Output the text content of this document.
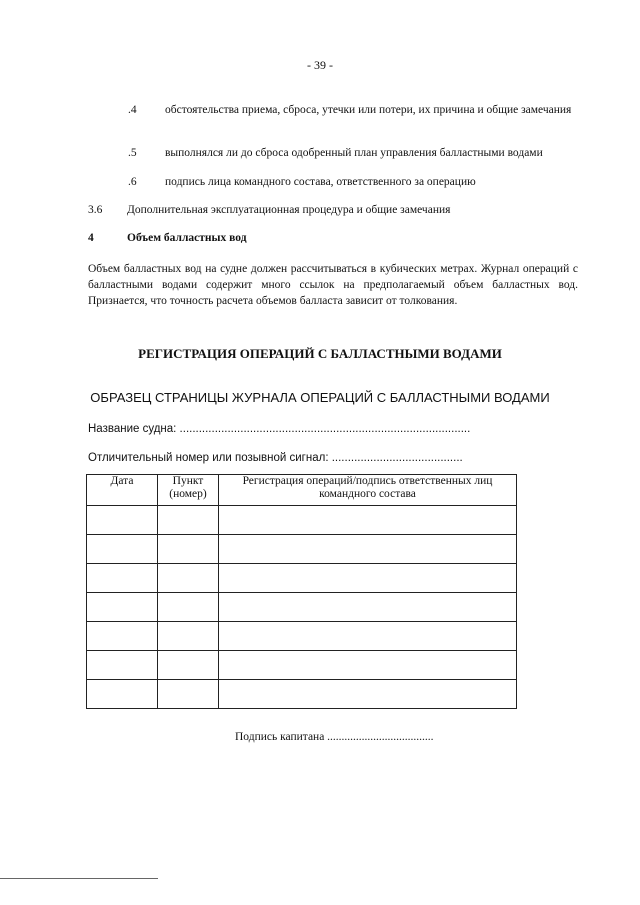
- 39 -
.4 обстоятельства приема, сброса, утечки или потери, их причина и общие замечания
.5 выполнялся ли до сброса одобренный план управления балластными водами
.6 подпись лица командного состава, ответственного за операцию
3.6 Дополнительная эксплуатационная процедура и общие замечания
4	Объем балластных вод
Объем балластных вод на судне должен рассчитываться в кубических метрах. Журнал операций с балластными водами содержит много ссылок на предполагаемый объем балластных вод. Признается, что точность расчета объемов балласта зависит от толкования.
РЕГИСТРАЦИЯ ОПЕРАЦИЙ С БАЛЛАСТНЫМИ ВОДАМИ
ОБРАЗЕЦ СТРАНИЦЫ ЖУРНАЛА ОПЕРАЦИЙ С БАЛЛАСТНЫМИ ВОДАМИ
Название судна: ...........................................................................................
Отличительный номер или позывной сигнал: .........................................
Дата	Пункт (номер)	Регистрация операций/подпись ответственных лиц командного состава

Подпись капитана .....................................
